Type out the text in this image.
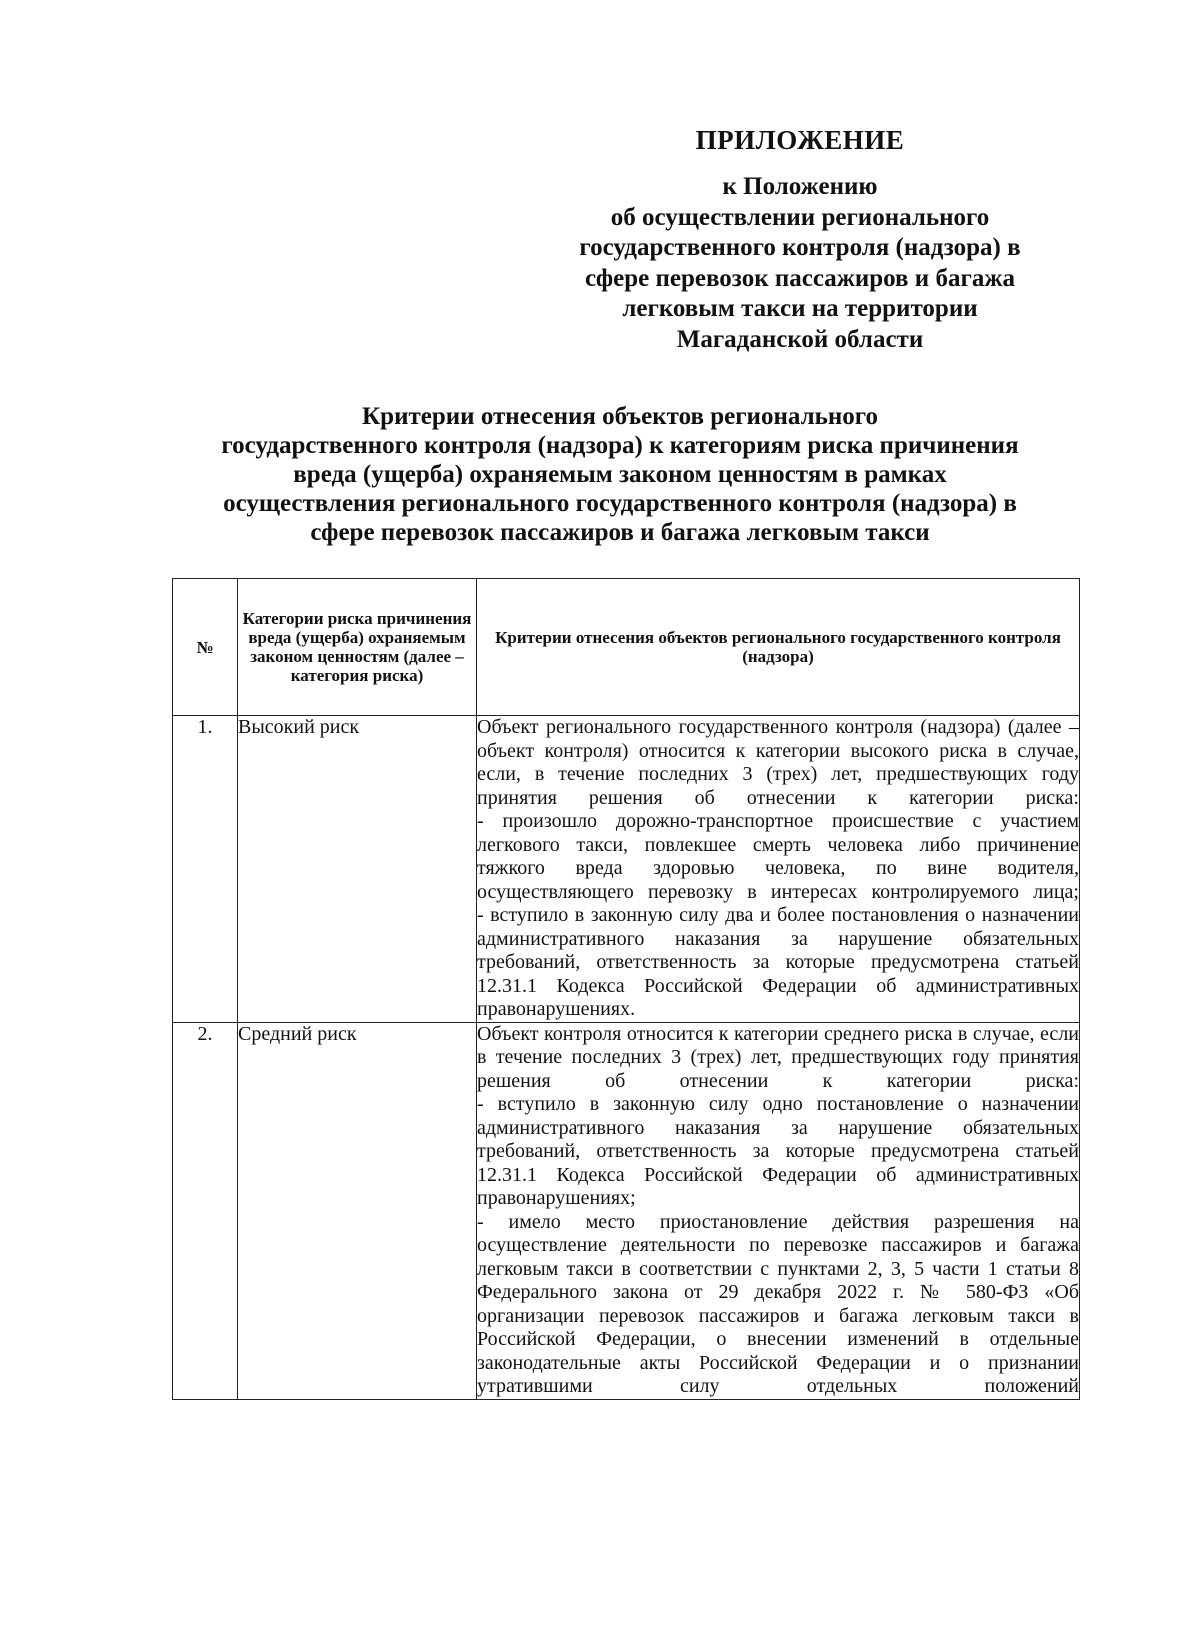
ПРИЛОЖЕНИЕ
к Положению
об осуществлении регионального
государственного контроля (надзора) в
сфере перевозок пассажиров и багажа
легковым такси на территории
Магаданской области
Критерии отнесения объектов регионального
государственного контроля (надзора) к категориям риска причинения
вреда (ущерба) охраняемым законом ценностям в рамках
осуществления регионального государственного контроля (надзора) в
сфере перевозок пассажиров и багажа легковым такси
№	Категории риска причинения вреда (ущерба) охраняемым законом ценностям (далее – категория риска)	Критерии отнесения объектов регионального государственного контроля (надзора)
1.	Высокий риск	Объект регионального государственного контроля (надзора) (далее – объект контроля) относится к категории высокого риска в случае, если, в течение последних 3 (трех) лет, предшествующих году принятия решения об отнесении к категории риска:
- произошло дорожно-транспортное происшествие с участием легкового такси, повлекшее смерть человека либо причинение тяжкого вреда здоровью человека, по вине водителя, осуществляющего перевозку в интересах контролируемого лица;
- вступило в законную силу два и более постановления о назначении административного наказания за нарушение обязательных требований, ответственность за которые предусмотрена статьей 12.31.1 Кодекса Российской Федерации об административных правонарушениях.

2.	Средний риск	Объект контроля относится к категории среднего риска в случае, если в течение последних 3 (трех) лет, предшествующих году принятия решения об отнесении к категории риска:
- вступило в законную силу одно постановление о назначении административного наказания за нарушение обязательных требований, ответственность за которые предусмотрена статьей 12.31.1 Кодекса Российской Федерации об административных правонарушениях;
- имело место приостановление действия разрешения на осуществление деятельности по перевозке пассажиров и багажа легковым такси в соответствии с пунктами 2, 3, 5 части 1 статьи 8 Федерального закона от 29 декабря 2022 г. № 580-ФЗ «Об организации перевозок пассажиров и багажа легковым такси в Российской Федерации, о внесении изменений в отдельные законодательные акты Российской Федерации и о признании утратившими силу отдельных положений
